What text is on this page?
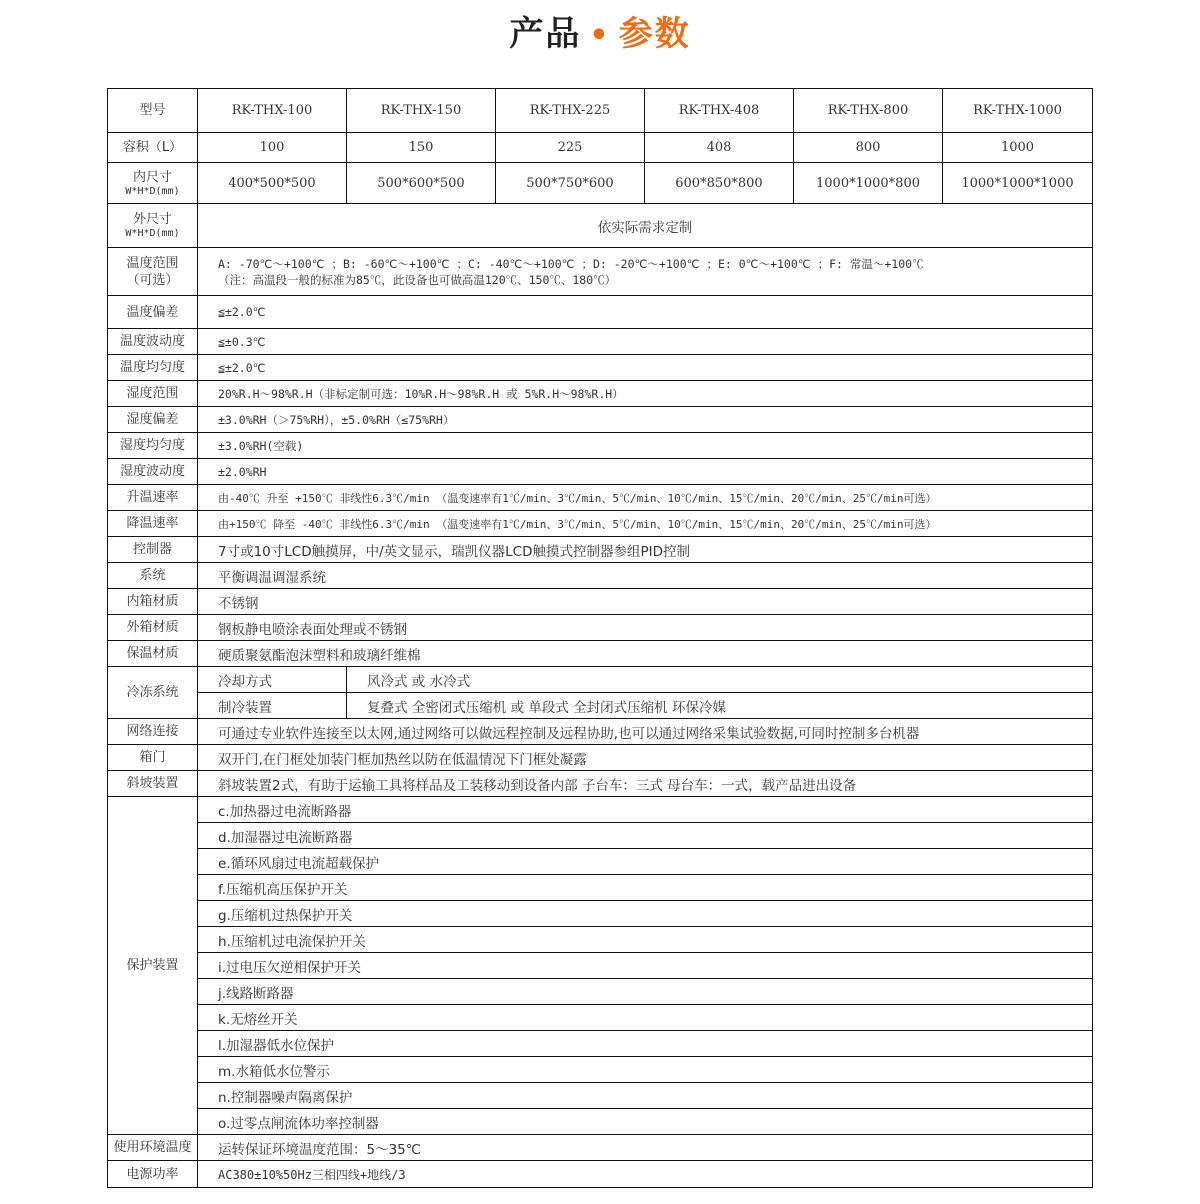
产品 • 参数
型号	RK-THX-100	RK-THX-150	RK-THX-225	RK-THX-408	RK-THX-800	RK-THX-1000
容积（L）	100	150	225	408	800	1000
内尺寸
W*H*D(mm)	400*500*500	500*600*500	500*750*600	600*850*800	1000*1000*800	1000*1000*1000
外尺寸
W*H*D(mm)	依实际需求定制					

温度范围
（可选）	A: -70℃～+100℃ ；B: -60℃～+100℃ ；C: -40℃～+100℃ ；D: -20℃～+100℃ ；E: 0℃～+100℃ ；F: 常温～+100℃
（注：高温段一般的标准为85℃，此设备也可做高温120℃、150℃、180℃）					

温度偏差	≦±2.0℃					
温度波动度	≦±0.3℃					
温度均匀度	≦±2.0℃					
湿度范围	20%R.H～98%R.H（非标定制可选：10%R.H～98%R.H 或 5%R.H～98%R.H）					
湿度偏差	±3.0%RH（＞75%RH），±5.0%RH（≤75%RH）					
湿度均匀度	±3.0%RH(空载)					
湿度波动度	±2.0%RH					
升温速率	由-40℃ 升至 +150℃ 非线性6.3℃/min （温变速率有1℃/min、3℃/min、5℃/min、10℃/min、15℃/min、20℃/min、25℃/min可选）					
降温速率	由+150℃ 降至 -40℃ 非线性6.3℃/min （温变速率有1℃/min、3℃/min、5℃/min、10℃/min、15℃/min、20℃/min、25℃/min可选）					
控制器	7寸或10寸LCD触摸屏，中/英文显示，瑞凯仪器LCD触摸式控制器参组PID控制					
系统	平衡调温调湿系统					
内箱材质	不锈钢					
外箱材质	钢板静电喷涂表面处理或不锈钢					
保温材质	硬质聚氨酯泡沫塑料和玻璃纤维棉					
冷冻系统	冷却方式	风冷式 或 水冷式				
	制冷装置	复叠式 全密闭式压缩机 或 单段式 全封闭式压缩机 环保冷媒				
网络连接	可通过专业软件连接至以太网,通过网络可以做远程控制及远程协助,也可以通过网络采集试验数据,可同时控制多台机器					
箱门	双开门,在门框处加装门框加热丝以防在低温情况下门框处凝露					
斜坡装置	斜坡装置2式，有助于运输工具将样品及工装移动到设备内部 子台车：三式 母台车：一式，载产品进出设备					
保护装置	c.加热器过电流断路器					
	d.加湿器过电流断路器					
	e.循环风扇过电流超载保护					
	f.压缩机高压保护开关					
	g.压缩机过热保护开关					
	h.压缩机过电流保护开关					
	i.过电压欠逆相保护开关					
	j.线路断路器					
	k.无熔丝开关					
	l.加湿器低水位保护					
	m.水箱低水位警示					
	n.控制器噪声隔离保护					
	o.过零点闸流体功率控制器					
使用环境温度	运转保证环境温度范围：5～35℃					
电源功率	AC380±10%50Hz三相四线+地线/3					
